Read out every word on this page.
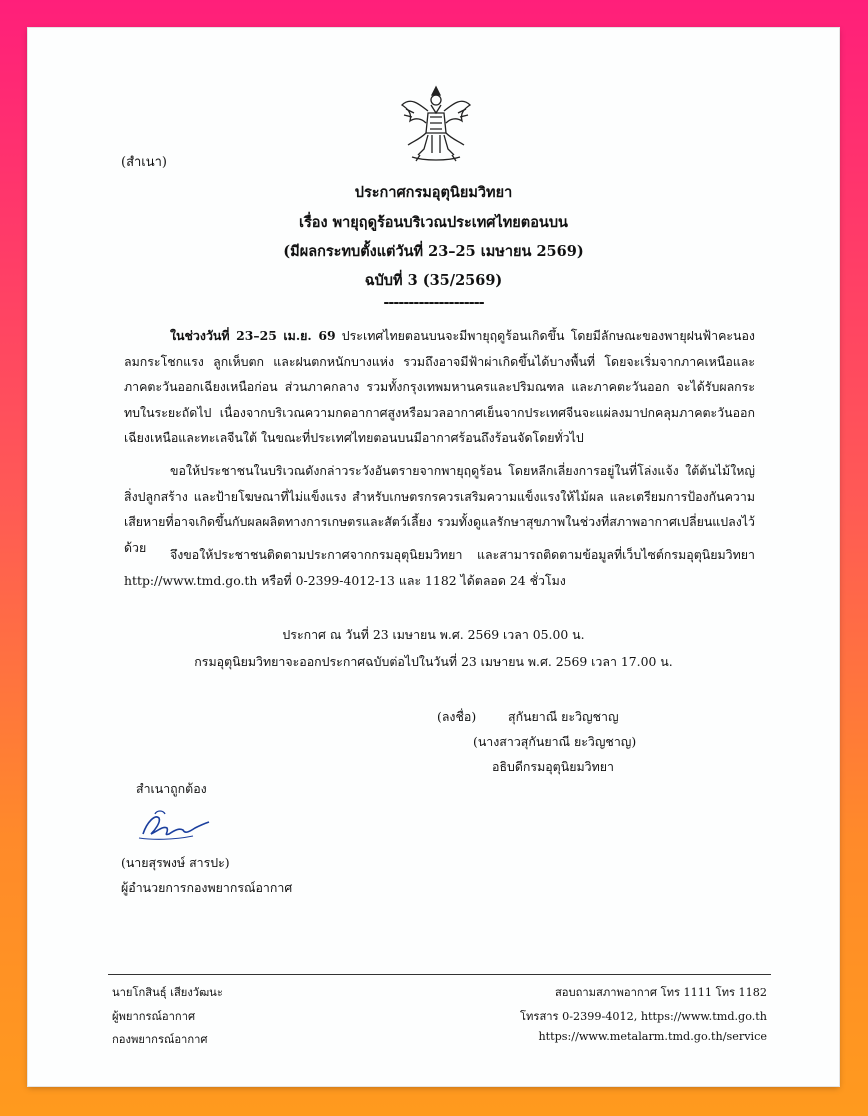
(สำเนา)
ประกาศกรมอุตุนิยมวิทยา
เรื่อง พายุฤดูร้อนบริเวณประเทศไทยตอนบน
(มีผลกระทบตั้งแต่วันที่ 23–25 เมษายน 2569)
ฉบับที่ 3 (35/2569)
--------------------
ในช่วงวันที่ 23–25 เม.ย. 69 ประเทศไทยตอนบนจะมีพายุฤดูร้อนเกิดขึ้น โดยมีลักษณะของพายุฝนฟ้าคะนอง ลมกระโชกแรง ลูกเห็บตก และฝนตกหนักบางแห่ง รวมถึงอาจมีฟ้าผ่าเกิดขึ้นได้บางพื้นที่ โดยจะเริ่มจากภาคเหนือและภาคตะวันออกเฉียงเหนือก่อน ส่วนภาคกลาง รวมทั้งกรุงเทพมหานครและปริมณฑล และภาคตะวันออก จะได้รับผลกระทบในระยะถัดไป เนื่องจากบริเวณความกดอากาศสูงหรือมวลอากาศเย็นจากประเทศจีนจะแผ่ลงมาปกคลุมภาคตะวันออกเฉียงเหนือและทะเลจีนใต้ ในขณะที่ประเทศไทยตอนบนมีอากาศร้อนถึงร้อนจัดโดยทั่วไป
ขอให้ประชาชนในบริเวณดังกล่าวระวังอันตรายจากพายุฤดูร้อน โดยหลีกเลี่ยงการอยู่ในที่โล่งแจ้ง ใต้ต้นไม้ใหญ่ สิ่งปลูกสร้าง และป้ายโฆษณาที่ไม่แข็งแรง สำหรับเกษตรกรควรเสริมความแข็งแรงให้ไม้ผล และเตรียมการป้องกันความเสียหายที่อาจเกิดขึ้นกับผลผลิตทางการเกษตรและสัตว์เลี้ยง รวมทั้งดูแลรักษาสุขภาพในช่วงที่สภาพอากาศเปลี่ยนแปลงไว้ด้วย	จึงขอให้ประชาชนติดตามประกาศจากกรมอุตุนิยมวิทยา และสามารถติดตามข้อมูลที่เว็บไซต์กรมอุตุนิยมวิทยา http://www.tmd.go.th หรือที่ 0-2399-4012-13 และ 1182 ได้ตลอด 24 ชั่วโมง
ประกาศ ณ วันที่ 23 เมษายน พ.ศ. 2569 เวลา 05.00 น.
กรมอุตุนิยมวิทยาจะออกประกาศฉบับต่อไปในวันที่ 23 เมษายน พ.ศ. 2569 เวลา 17.00 น.
(ลงชื่อ)	สุกันยาณี ยะวิญชาญ
(นางสาวสุกันยาณี ยะวิญชาญ)
อธิบดีกรมอุตุนิยมวิทยา
สำเนาถูกต้อง
(นายสุรพงษ์ สารปะ)
ผู้อำนวยการกองพยากรณ์อากาศ
นายโกสินธุ์ เสียงวัฒนะ
ผู้พยากรณ์อากาศ
กองพยากรณ์อากาศ
สอบถามสภาพอากาศ โทร 1111 โทร 1182
โทรสาร 0-2399-4012, https://www.tmd.go.th
https://www.metalarm.tmd.go.th/service
